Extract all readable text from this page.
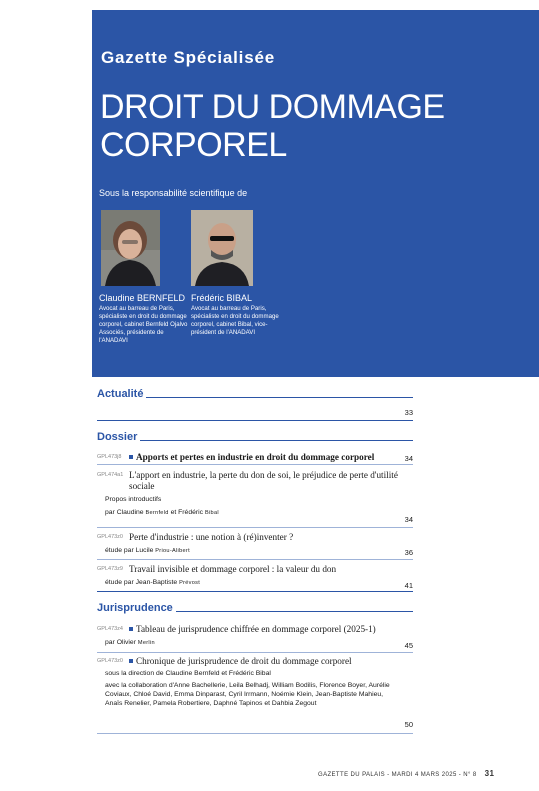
Gazette Spécialisée
DROIT DU DOMMAGE
CORPOREL
Sous la responsabilité scientifique de
Claudine BERNFELD
Avocat au barreau de Paris, spécialiste en droit du dommage corporel, cabinet Bernfeld Ojalvo Associés, présidente de l'ANADAVI
Frédéric BIBAL
Avocat au barreau de Paris, spécialiste en droit du dommage corporel, cabinet Bibal, vice-président de l'ANADAVI
Actualité
33
Dossier
GPL473j8	Apports et pertes en industrie en droit du dommage corporel	34
GPL474a1 L'apport en industrie, la perte du don de soi, le préjudice de perte d'utilité sociale
Propos introductifs
par Claudine Bernfeld et Frédéric Bibal
34
GPL473z0 Perte d'industrie : une notion à (ré)inventer ?
étude par Lucile Priou-Alibert	36
GPL473z9 Travail invisible et dommage corporel : la valeur du don
étude par Jean-Baptiste Prévost	41
Jurisprudence
GPL473z4	Tableau de jurisprudence chiffrée en dommage corporel (2025-1)
par Olivier Merlin	45
GPL473z0	Chronique de jurisprudence de droit du dommage corporel
sous la direction de Claudine Bernfeld et Frédéric Bibal
avec la collaboration d'Anne Bachellerie, Leila Belhadj, William Bodilis, Florence Boyer, Aurélie Coviaux, Chloé David, Emma Dinparast, Cyril Irrmann, Noémie Klein, Jean-Baptiste Mahieu, Anaïs Renelier, Pamela Robertiere, Daphné Tapinos et Dahbia Zegout
50
GAZETTE DU PALAIS - MARDI 4 MARS 2025 - N° 8 31
